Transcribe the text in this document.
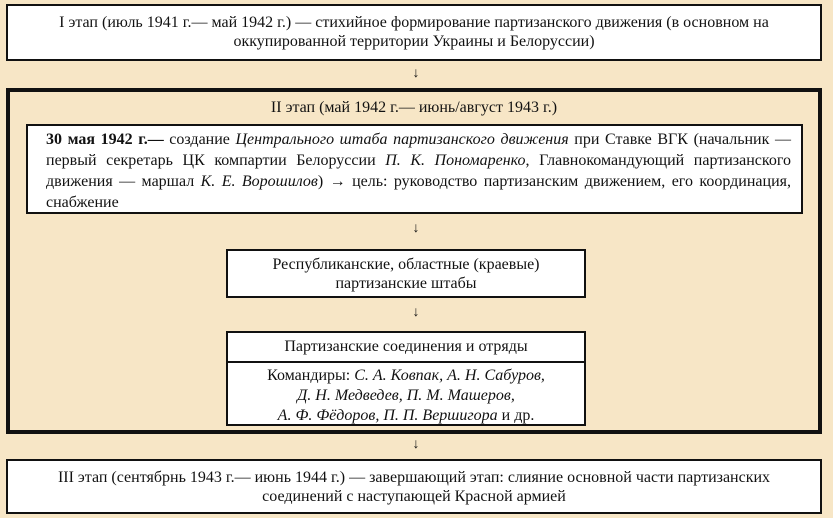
I этап (июль 1941 г.— май 1942 г.) — стихийное формирование партизанского движения (в основном на оккупированной территории Украины и Белоруссии)
↓
II этап (май 1942 г.— июнь/август 1943 г.)
30 мая 1942 г.— создание Центрального штаба партизанского движения при Ставке ВГК (начальник — первый секретарь ЦК компартии Белоруссии П. К. Пономаренко, Главнокомандующий партизанского движения — маршал К. Е. Ворошилов) → цель: руководство партизанским движением, его координация, снабжение
↓
Республиканские, областные (краевые) партизанские штабы
↓
Партизанские соединения и отряды
Командиры: С. А. Ковпак, А. Н. Сабуров,
Д. Н. Медведев, П. М. Машеров,
А. Ф. Фёдоров, П. П. Вершигора и др.
↓
III этап (сентябрнь 1943 г.— июнь 1944 г.) — завершающий этап: слияние основной части партизанских соединений с наступающей Красной армией
